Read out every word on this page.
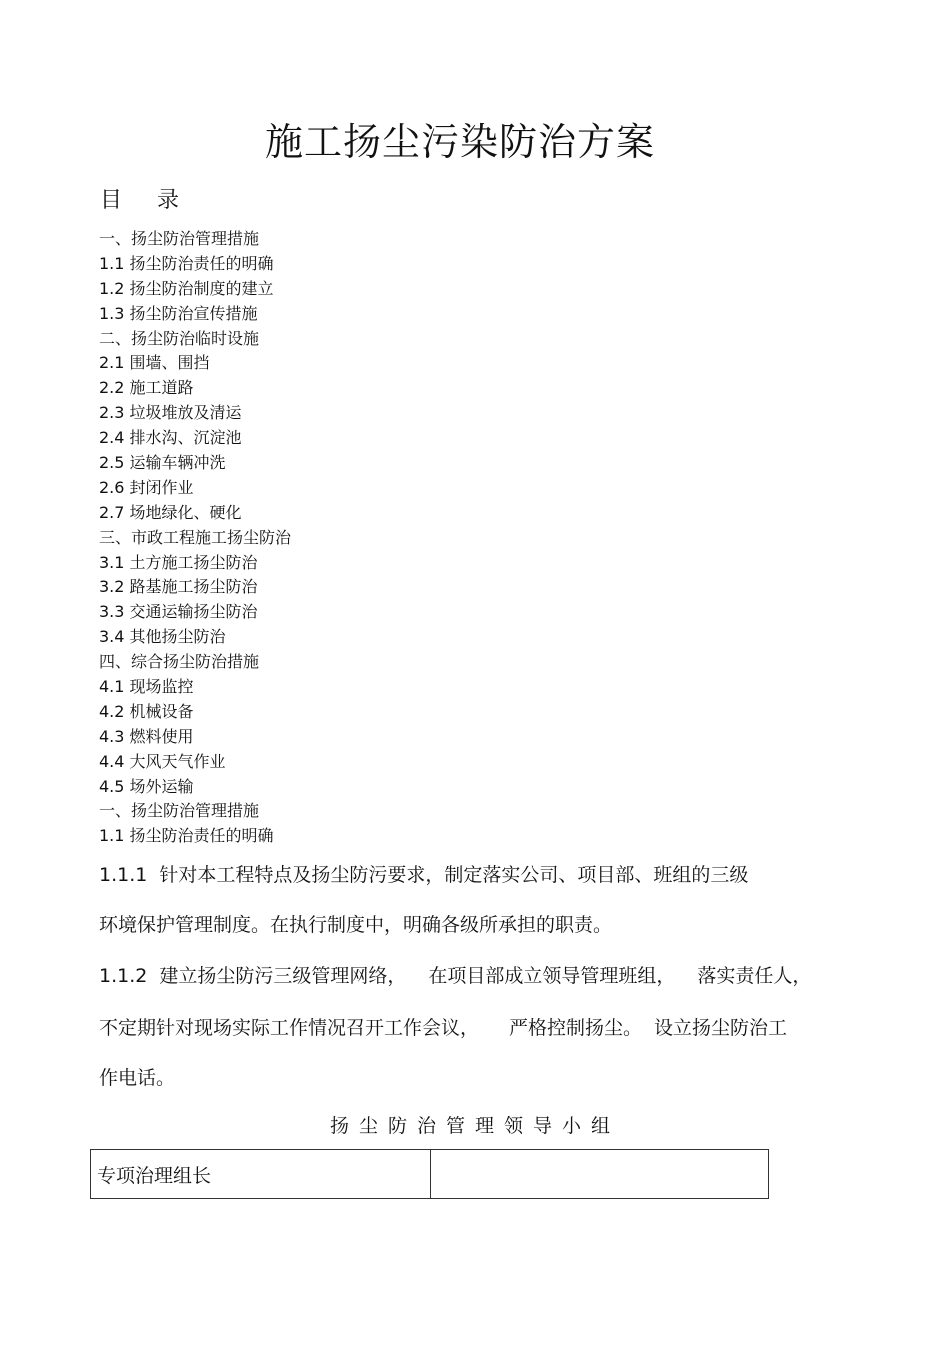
施工扬尘污染防治方案
目 录
一、扬尘防治管理措施
1.1 扬尘防治责任的明确
1.2 扬尘防治制度的建立
1.3 扬尘防治宣传措施
二、扬尘防治临时设施
2.1 围墙、围挡
2.2 施工道路
2.3 垃圾堆放及清运
2.4 排水沟、沉淀池
2.5 运输车辆冲洗
2.6 封闭作业
2.7 场地绿化、硬化
三、市政工程施工扬尘防治
3.1 土方施工扬尘防治
3.2 路基施工扬尘防治
3.3 交通运输扬尘防治
3.4 其他扬尘防治
四、综合扬尘防治措施
4.1 现场监控
4.2 机械设备
4.3 燃料使用
4.4 大风天气作业
4.5 场外运输
一、扬尘防治管理措施
1.1 扬尘防治责任的明确
1.1.1 针对本工程特点及扬尘防污要求，制定落实公司、项目部、班组的三级
环境保护管理制度。在执行制度中，明确各级所承担的职责。
1.1.2 建立扬尘防污三级管理网络， 在项目部成立领导管理班组， 落实责任人，
不定期针对现场实际工作情况召开工作会议， 严格控制扬尘。 设立扬尘防治工
作电话。
扬尘防治管理领导小组
专项治理组长	
